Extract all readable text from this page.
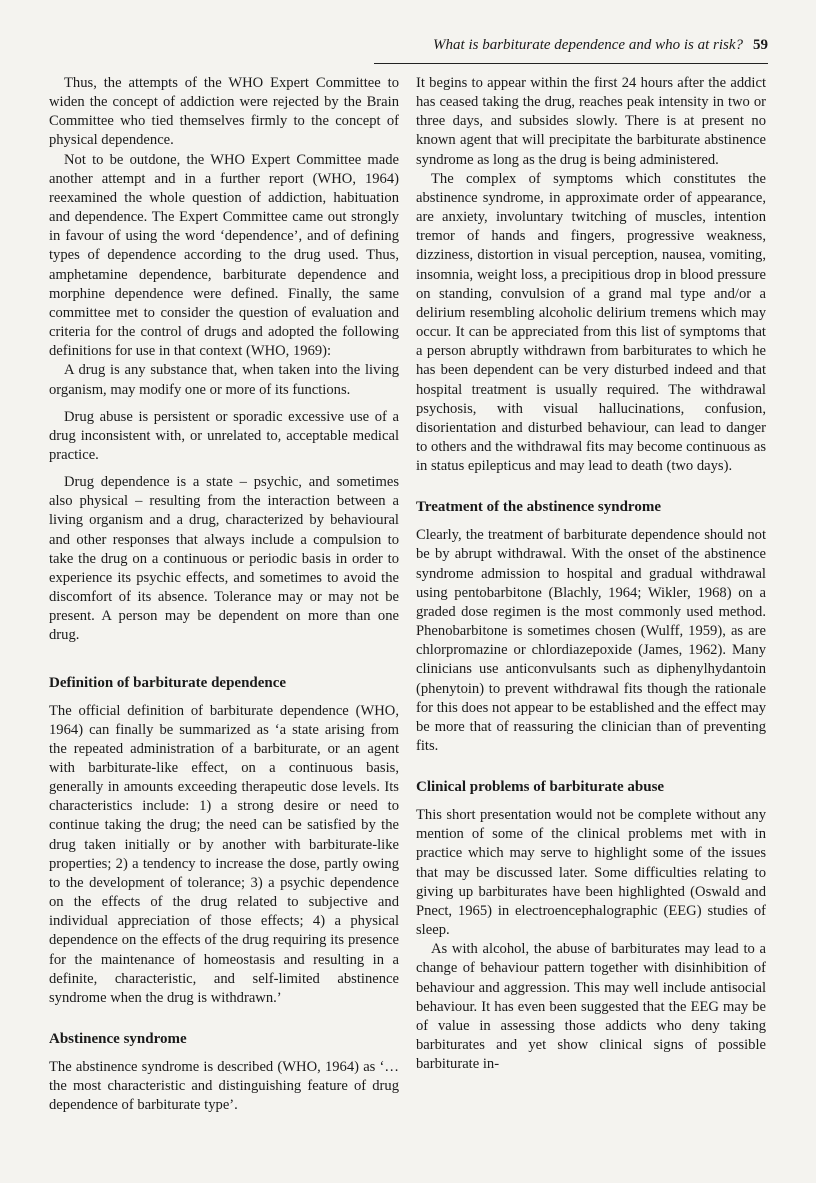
What is barbiturate dependence and who is at risk? 59

Thus, the attempts of the WHO Expert Committee to widen the concept of addiction were rejected by the Brain Committee who tied themselves firmly to the concept of physical dependence.

Not to be outdone, the WHO Expert Committee made another attempt and in a further report (WHO, 1964) reexamined the whole question of addiction, habituation and dependence. The Expert Committee came out strongly in favour of using the word ‘dependence’, and of defining types of dependence according to the drug used. Thus, amphetamine dependence, barbiturate dependence and morphine dependence were defined. Finally, the same committee met to consider the question of evaluation and criteria for the control of drugs and adopted the following definitions for use in that context (WHO, 1969):

A drug is any substance that, when taken into the living organism, may modify one or more of its functions.

Drug abuse is persistent or sporadic excessive use of a drug inconsistent with, or unrelated to, acceptable medical practice.

Drug dependence is a state – psychic, and sometimes also physical – resulting from the interaction between a living organism and a drug, characterized by behavioural and other responses that always include a compulsion to take the drug on a continuous or periodic basis in order to experience its psychic effects, and sometimes to avoid the discomfort of its absence. Tolerance may or may not be present. A person may be dependent on more than one drug.

Definition of barbiturate dependence

The official definition of barbiturate dependence (WHO, 1964) can finally be summarized as ‘a state arising from the repeated administration of a barbiturate, or an agent with barbiturate-like effect, on a continuous basis, generally in amounts exceeding therapeutic dose levels. Its characteristics include: 1) a strong desire or need to continue taking the drug; the need can be satisfied by the drug taken initially or by another with barbiturate-like properties; 2) a tendency to increase the dose, partly owing to the development of tolerance; 3) a psychic dependence on the effects of the drug related to subjective and individual appreciation of those effects; 4) a physical dependence on the effects of the drug requiring its presence for the maintenance of homeostasis and resulting in a definite, characteristic, and self-limited abstinence syndrome when the drug is withdrawn.’

Abstinence syndrome

The abstinence syndrome is described (WHO, 1964) as ‘… the most characteristic and distinguishing feature of drug dependence of barbiturate type’.

It begins to appear within the first 24 hours after the addict has ceased taking the drug, reaches peak intensity in two or three days, and subsides slowly. There is at present no known agent that will precipitate the barbiturate abstinence syndrome as long as the drug is being administered.

The complex of symptoms which constitutes the abstinence syndrome, in approximate order of appearance, are anxiety, involuntary twitching of muscles, intention tremor of hands and fingers, progressive weakness, dizziness, distortion in visual perception, nausea, vomiting, insomnia, weight loss, a precipitious drop in blood pressure on standing, convulsion of a grand mal type and/or a delirium resembling alcoholic delirium tremens which may occur. It can be appreciated from this list of symptoms that a person abruptly withdrawn from barbiturates to which he has been dependent can be very disturbed indeed and that hospital treatment is usually required. The withdrawal psychosis, with visual hallucinations, confusion, disorientation and disturbed behaviour, can lead to danger to others and the withdrawal fits may become continuous as in status epilepticus and may lead to death (two days).

Treatment of the abstinence syndrome

Clearly, the treatment of barbiturate dependence should not be by abrupt withdrawal. With the onset of the abstinence syndrome admission to hospital and gradual withdrawal using pentobarbitone (Blachly, 1964; Wikler, 1968) on a graded dose regimen is the most commonly used method. Phenobarbitone is sometimes chosen (Wulff, 1959), as are chlorpromazine or chlordiazepoxide (James, 1962). Many clinicians use anticonvulsants such as diphenylhydantoin (phenytoin) to prevent withdrawal fits though the rationale for this does not appear to be established and the effect may be more that of reassuring the clinician than of preventing fits.

Clinical problems of barbiturate abuse

This short presentation would not be complete without any mention of some of the clinical problems met with in practice which may serve to highlight some of the issues that may be discussed later. Some difficulties relating to giving up barbiturates have been highlighted (Oswald and Pnect, 1965) in electroencephalographic (EEG) studies of sleep.

As with alcohol, the abuse of barbiturates may lead to a change of behaviour pattern together with disinhibition of behaviour and aggression. This may well include antisocial behaviour. It has even been suggested that the EEG may be of value in assessing those addicts who deny taking barbiturates and yet show clinical signs of possible barbiturate in-
